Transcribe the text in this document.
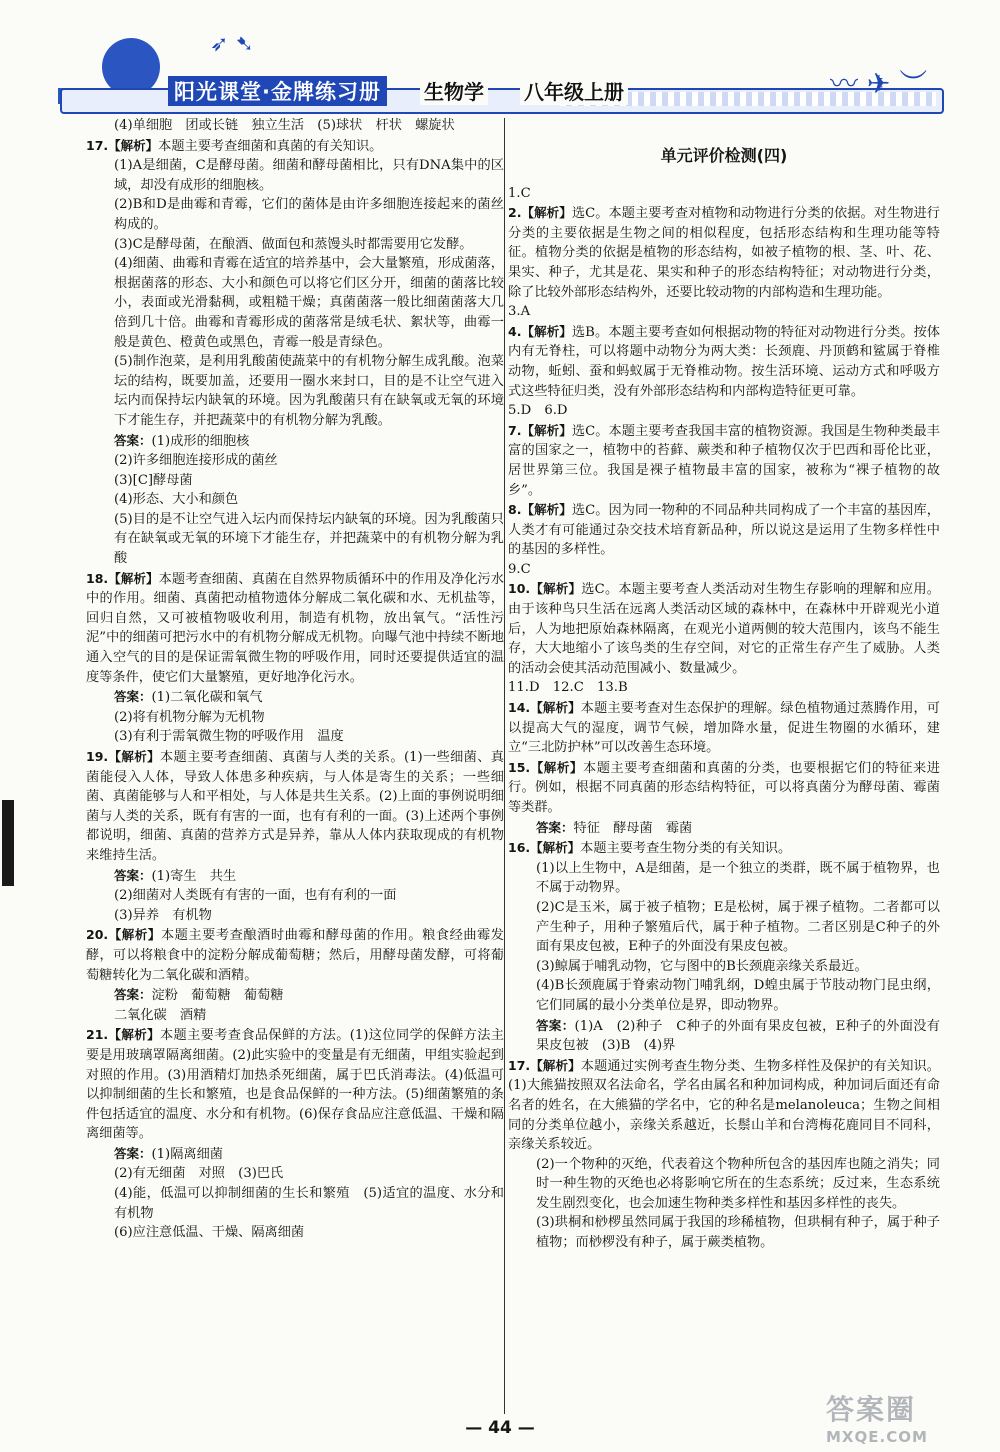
➶ ➷
〰 ✈ ︶
阳光课堂·金牌练习册	生物学 八年级上册

(4)单细胞　团或长链　独立生活　(5)球状　杆状　螺旋状

17.【解析】本题主要考查细菌和真菌的有关知识。

(1)A是细菌，C是酵母菌。细菌和酵母菌相比，只有DNA集中的区域，却没有成形的细胞核。

(2)B和D是曲霉和青霉，它们的菌体是由许多细胞连接起来的菌丝构成的。

(3)C是酵母菌，在酿酒、做面包和蒸馒头时都需要用它发酵。

(4)细菌、曲霉和青霉在适宜的培养基中，会大量繁殖，形成菌落，根据菌落的形态、大小和颜色可以将它们区分开，细菌的菌落比较小，表面或光滑黏稠，或粗糙干燥；真菌菌落一般比细菌菌落大几倍到几十倍。曲霉和青霉形成的菌落常是绒毛状、絮状等，曲霉一般是黄色、橙黄色或黑色，青霉一般是青绿色。

(5)制作泡菜，是利用乳酸菌使蔬菜中的有机物分解生成乳酸。泡菜坛的结构，既要加盖，还要用一圈水来封口，目的是不让空气进入坛内而保持坛内缺氧的环境。因为乳酸菌只有在缺氧或无氧的环境下才能生存，并把蔬菜中的有机物分解为乳酸。

答案：(1)成形的细胞核

(2)许多细胞连接形成的菌丝

(3)[C]酵母菌

(4)形态、大小和颜色

(5)目的是不让空气进入坛内而保持坛内缺氧的环境。因为乳酸菌只有在缺氧或无氧的环境下才能生存，并把蔬菜中的有机物分解为乳酸

18.【解析】本题考查细菌、真菌在自然界物质循环中的作用及净化污水中的作用。细菌、真菌把动植物遗体分解成二氧化碳和水、无机盐等，回归自然，又可被植物吸收利用，制造有机物，放出氧气。“活性污泥”中的细菌可把污水中的有机物分解成无机物。向曝气池中持续不断地通入空气的目的是保证需氧微生物的呼吸作用，同时还要提供适宜的温度等条件，使它们大量繁殖，更好地净化污水。

答案：(1)二氧化碳和氧气

(2)将有机物分解为无机物

(3)有利于需氧微生物的呼吸作用　温度

19.【解析】本题主要考查细菌、真菌与人类的关系。(1)一些细菌、真菌能侵入人体，导致人体患多种疾病，与人体是寄生的关系；一些细菌、真菌能够与人和平相处，与人体是共生关系。(2)上面的事例说明细菌与人类的关系，既有有害的一面，也有有利的一面。(3)上述两个事例都说明，细菌、真菌的营养方式是异养，靠从人体内获取现成的有机物来维持生活。

答案：(1)寄生　共生

(2)细菌对人类既有有害的一面，也有有利的一面

(3)异养　有机物

20.【解析】本题主要考查酿酒时曲霉和酵母菌的作用。粮食经曲霉发酵，可以将粮食中的淀粉分解成葡萄糖；然后，用酵母菌发酵，可将葡萄糖转化为二氧化碳和酒精。

答案：淀粉　葡萄糖　葡萄糖

二氧化碳　酒精

21.【解析】本题主要考查食品保鲜的方法。(1)这位同学的保鲜方法主要是用玻璃罩隔离细菌。(2)此实验中的变量是有无细菌，甲组实验起到对照的作用。(3)用酒精灯加热杀死细菌，属于巴氏消毒法。(4)低温可以抑制细菌的生长和繁殖，也是食品保鲜的一种方法。(5)细菌繁殖的条件包括适宜的温度、水分和有机物。(6)保存食品应注意低温、干燥和隔离细菌等。

答案：(1)隔离细菌

(2)有无细菌　对照　(3)巴氏

(4)能，低温可以抑制细菌的生长和繁殖　(5)适宜的温度、水分和有机物

(6)应注意低温、干燥、隔离细菌

单元评价检测(四)

1.C

2.【解析】选C。本题主要考查对植物和动物进行分类的依据。对生物进行分类的主要依据是生物之间的相似程度，包括形态结构和生理功能等特征。植物分类的依据是植物的形态结构，如被子植物的根、茎、叶、花、果实、种子，尤其是花、果实和种子的形态结构特征；对动物进行分类，除了比较外部形态结构外，还要比较动物的内部构造和生理功能。

3.A

4.【解析】选B。本题主要考查如何根据动物的特征对动物进行分类。按体内有无脊柱，可以将题中动物分为两大类：长颈鹿、丹顶鹤和鲨属于脊椎动物，蚯蚓、蚕和蚂蚁属于无脊椎动物。按生活环境、运动方式和呼吸方式这些特征归类，没有外部形态结构和内部构造特征更可靠。

5.D　6.D

7.【解析】选C。本题主要考查我国丰富的植物资源。我国是生物种类最丰富的国家之一，植物中的苔藓、蕨类和种子植物仅次于巴西和哥伦比亚，居世界第三位。我国是裸子植物最丰富的国家，被称为“裸子植物的故乡”。

8.【解析】选C。因为同一物种的不同品种共同构成了一个丰富的基因库，人类才有可能通过杂交技术培育新品种，所以说这是运用了生物多样性中的基因的多样性。

9.C

10.【解析】选C。本题主要考查人类活动对生物生存影响的理解和应用。由于该种鸟只生活在远离人类活动区域的森林中，在森林中开辟观光小道后，人为地把原始森林隔离，在观光小道两侧的较大范围内，该鸟不能生存，大大地缩小了该鸟类的生存空间，对它的正常生存产生了威胁。人类的活动会使其活动范围减小、数量减少。

11.D　12.C　13.B

14.【解析】本题主要考查对生态保护的理解。绿色植物通过蒸腾作用，可以提高大气的湿度，调节气候，增加降水量，促进生物圈的水循环，建立“三北防护林”可以改善生态环境。

15.【解析】本题主要考查细菌和真菌的分类，也要根据它们的特征来进行。例如，根据不同真菌的形态结构特征，可以将真菌分为酵母菌、霉菌等类群。

答案：特征　酵母菌　霉菌

16.【解析】本题主要考查生物分类的有关知识。

(1)以上生物中，A是细菌，是一个独立的类群，既不属于植物界，也不属于动物界。

(2)C是玉米，属于被子植物；E是松树，属于裸子植物。二者都可以产生种子，用种子繁殖后代，属于种子植物。二者区别是C种子的外面有果皮包被，E种子的外面没有果皮包被。

(3)鲸属于哺乳动物，它与图中的B长颈鹿亲缘关系最近。

(4)B长颈鹿属于脊索动物门哺乳纲，D蝗虫属于节肢动物门昆虫纲，它们同属的最小分类单位是界，即动物界。

答案：(1)A　(2)种子　C种子的外面有果皮包被，E种子的外面没有果皮包被　(3)B　(4)界

17.【解析】本题通过实例考查生物分类、生物多样性及保护的有关知识。(1)大熊猫按照双名法命名，学名由属名和种加词构成，种加词后面还有命名者的姓名，在大熊猫的学名中，它的种名是melanoleuca；生物之间相同的分类单位越小，亲缘关系越近，长鬃山羊和台湾梅花鹿同目不同科，亲缘关系较近。

(2)一个物种的灭绝，代表着这个物种所包含的基因库也随之消失；同时一种生物的灭绝也必将影响它所在的生态系统；反过来，生态系统发生剧烈变化，也会加速生物种类多样性和基因多样性的丧失。

(3)珙桐和桫椤虽然同属于我国的珍稀植物，但珙桐有种子，属于种子植物；而桫椤没有种子，属于蕨类植物。

— 44 —
答案圈
MXQE.COM
